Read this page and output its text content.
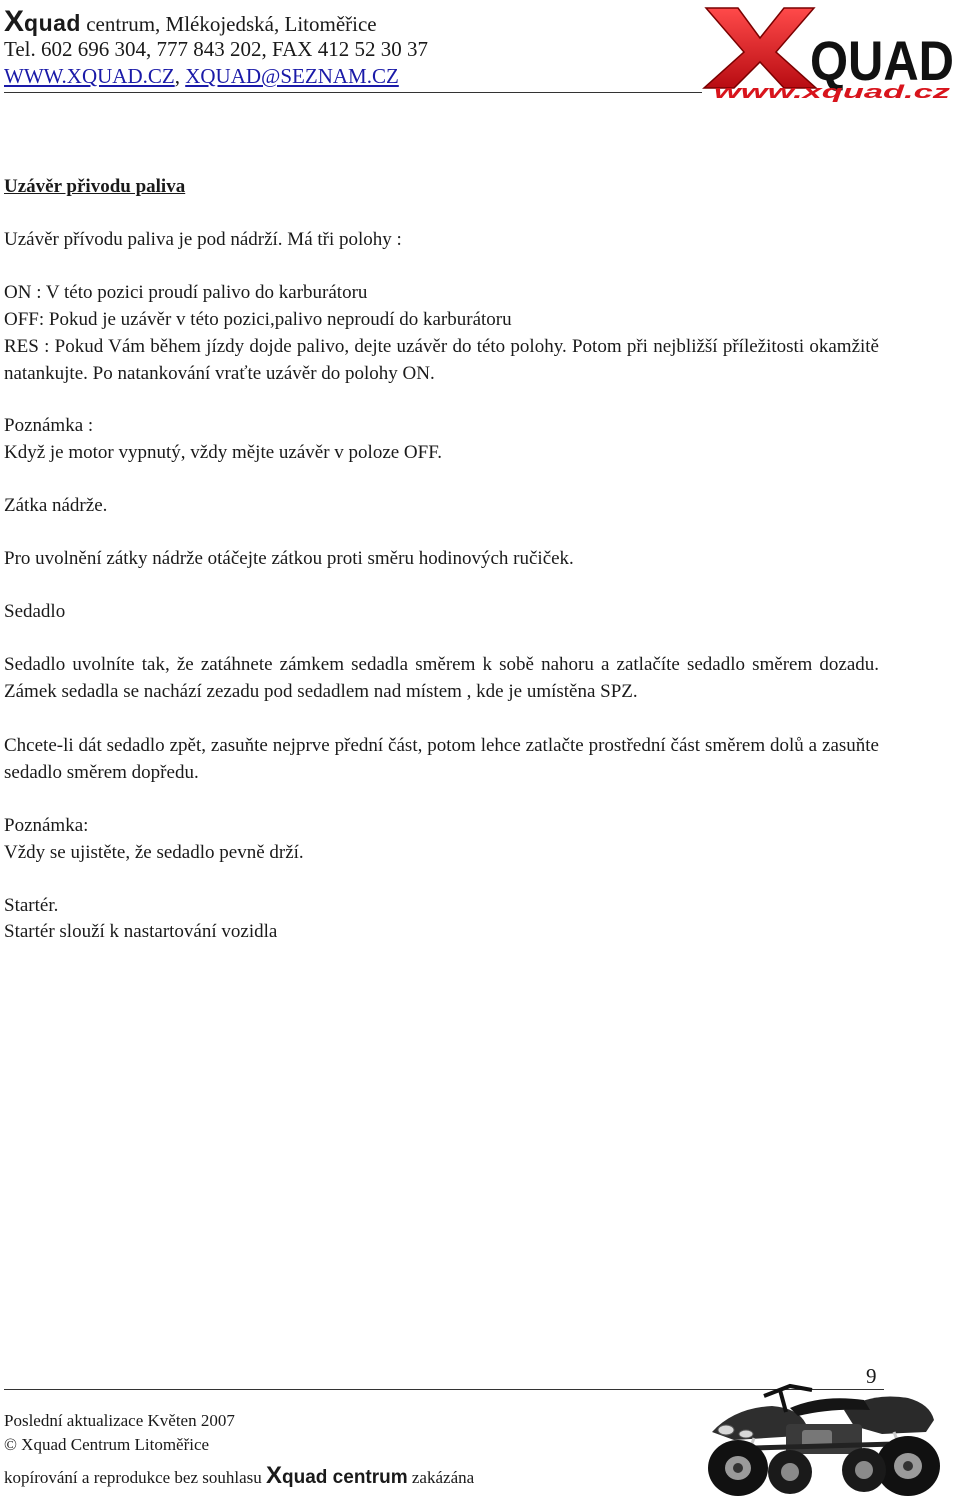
Xquad centrum, Mlékojedská, Litoměřice
Tel. 602 696 304, 777 843 202, FAX 412 52 30 37
WWW.XQUAD.CZ, XQUAD@SEZNAM.CZ	QUAD
www.xquad.cz
Uzávěr přivodu paliva
Uzávěr přívodu paliva je pod nádrží. Má tři polohy :
ON : V této pozici proudí palivo do karburátoru
OFF: Pokud je uzávěr v této pozici,palivo neproudí do karburátoru
RES : Pokud Vám během jízdy dojde palivo, dejte uzávěr do této polohy. Potom při nejbližší příležitosti okamžitě natankujte. Po natankování vraťte uzávěr do polohy ON.
Poznámka :
Když je motor vypnutý, vždy mějte uzávěr v poloze OFF.
Zátka nádrže.
Pro uvolnění zátky nádrže otáčejte zátkou proti směru hodinových ručiček.
Sedadlo
Sedadlo uvolníte tak, že zatáhnete zámkem sedadla směrem k sobě nahoru a zatlačíte sedadlo směrem dozadu. Zámek sedadla se nachází zezadu pod sedadlem nad místem , kde je umístěna SPZ.
Chcete-li dát sedadlo zpět, zasuňte nejprve přední část, potom lehce zatlačte prostřední část směrem dolů a zasuňte sedadlo směrem dopředu.
Poznámka:
Vždy se ujistěte, že sedadlo pevně drží.
Startér.
Startér slouží k nastartování vozidla
9
Poslední aktualizace Květen 2007
© Xquad Centrum Litoměřice
kopírování a reprodukce bez souhlasu Xquad centrum zakázána
